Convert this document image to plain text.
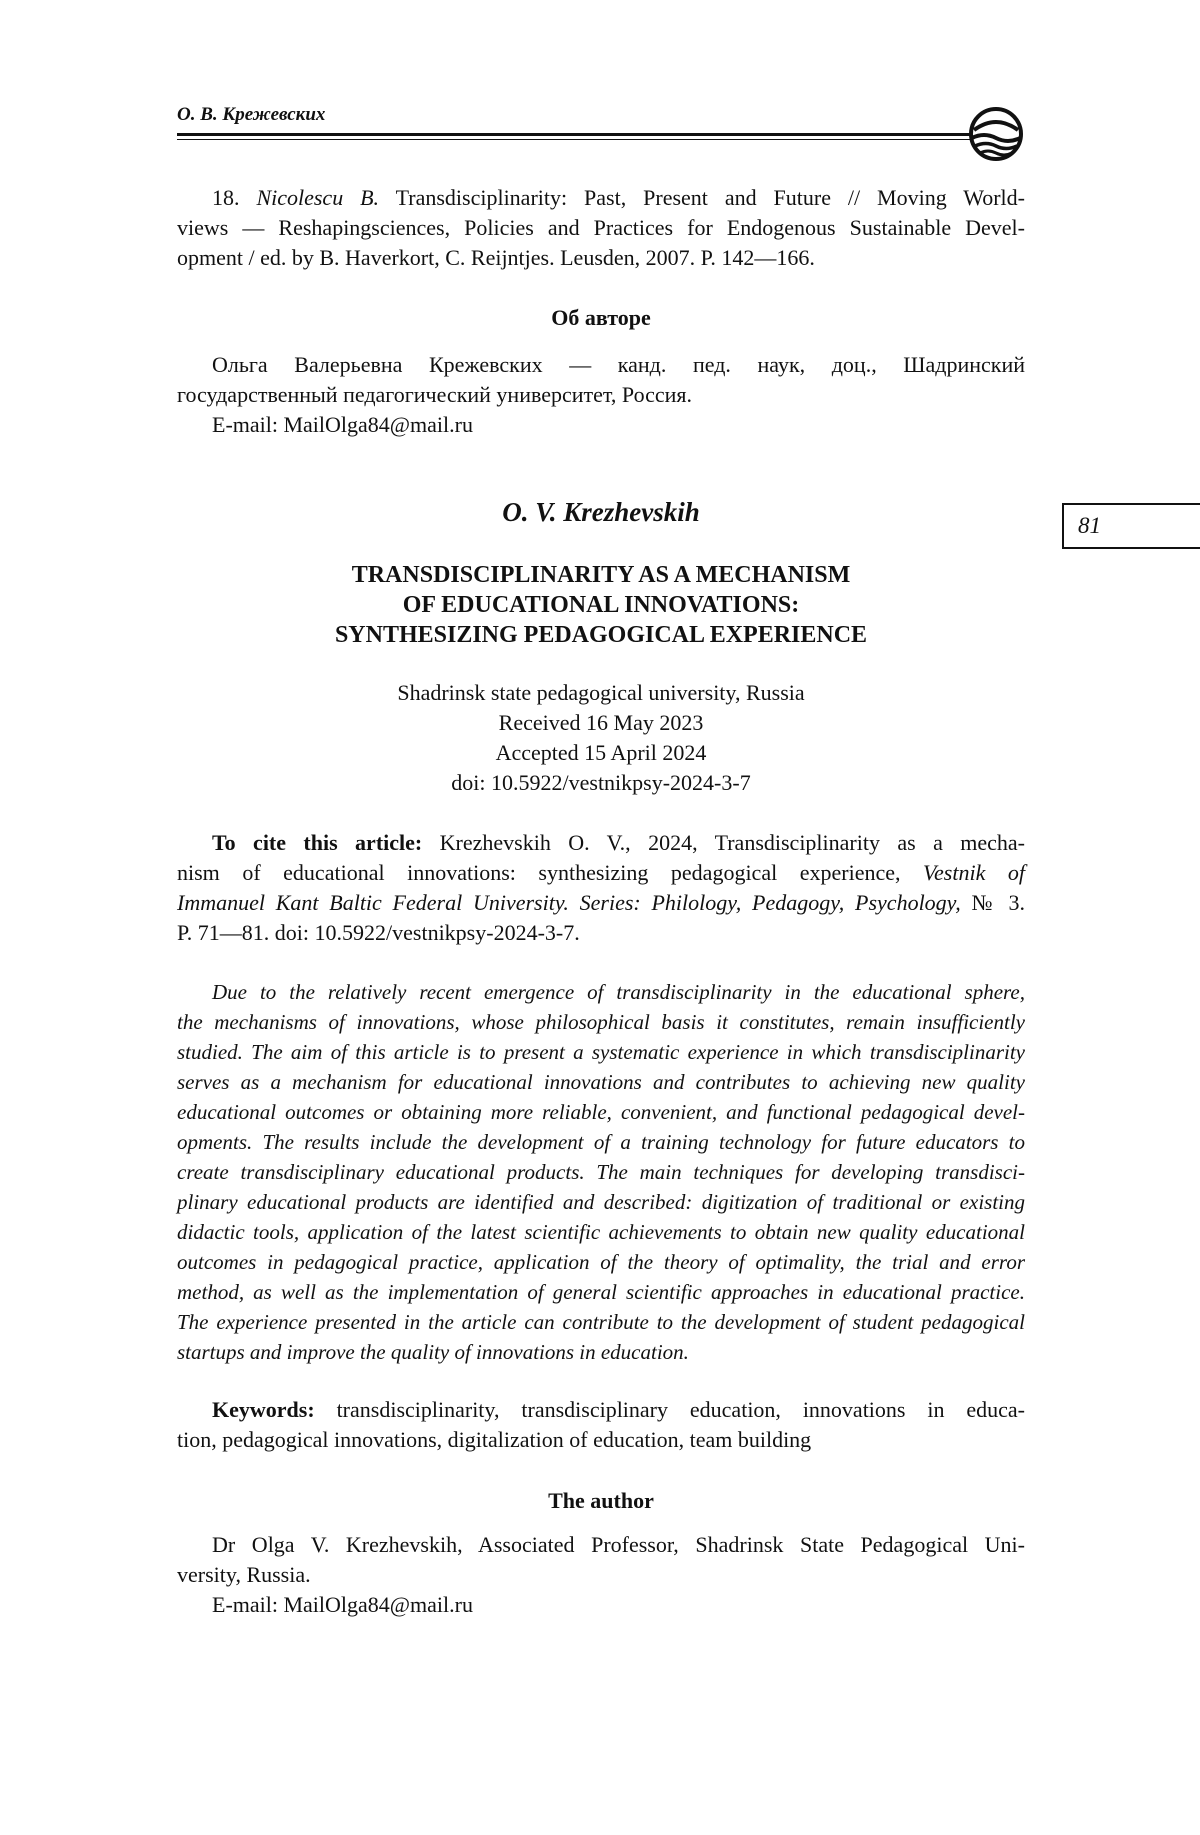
О. В. Крежевских

18. Nicolescu B. Transdisciplinarity: Past, Present and Future // Moving World-

views — Reshapingsciences, Policies and Practices for Endogenous Sustainable Devel-

opment / ed. by B. Haverkort, C. Reijntjes. Leusden, 2007. P. 142—166.

Об авторе

Ольга Валерьевна Крежевских — канд. пед. наук, доц., Шадринский

государственный педагогический университет, Россия.

E-mail: MailOlga84@mail.ru

O. V. Krezhevskih	81

TRANSDISCIPLINARITY AS A MECHANISM

OF EDUCATIONAL INNOVATIONS:

SYNTHESIZING PEDAGOGICAL EXPERIENCE

Shadrinsk state pedagogical university, Russia

Received 16 May 2023

Accepted 15 April 2024

doi: 10.5922/vestnikpsy-2024-3-7

To cite this article: Krezhevskih O. V., 2024, Transdisciplinarity as a mecha-

nism of educational innovations: synthesizing pedagogical experience, Vestnik of

Immanuel Kant Baltic Federal University. Series: Philology, Pedagogy, Psychology, № 3.

P. 71—81. doi: 10.5922/vestnikpsy-2024-3-7.

Due to the relatively recent emergence of transdisciplinarity in the educational sphere,

the mechanisms of innovations, whose philosophical basis it constitutes, remain insufficiently

studied. The aim of this article is to present a systematic experience in which transdisciplinarity

serves as a mechanism for educational innovations and contributes to achieving new quality

educational outcomes or obtaining more reliable, convenient, and functional pedagogical devel-

opments. The results include the development of a training technology for future educators to

create transdisciplinary educational products. The main techniques for developing transdisci-

plinary educational products are identified and described: digitization of traditional or existing

didactic tools, application of the latest scientific achievements to obtain new quality educational

outcomes in pedagogical practice, application of the theory of optimality, the trial and error

method, as well as the implementation of general scientific approaches in educational practice.

The experience presented in the article can contribute to the development of student pedagogical

startups and improve the quality of innovations in education.

Keywords: transdisciplinarity, transdisciplinary education, innovations in educa-

tion, pedagogical innovations, digitalization of education, team building

The author

Dr Olga V. Krezhevskih, Associated Professor, Shadrinsk State Pedagogical Uni-

versity, Russia.

E-mail: MailOlga84@mail.ru
